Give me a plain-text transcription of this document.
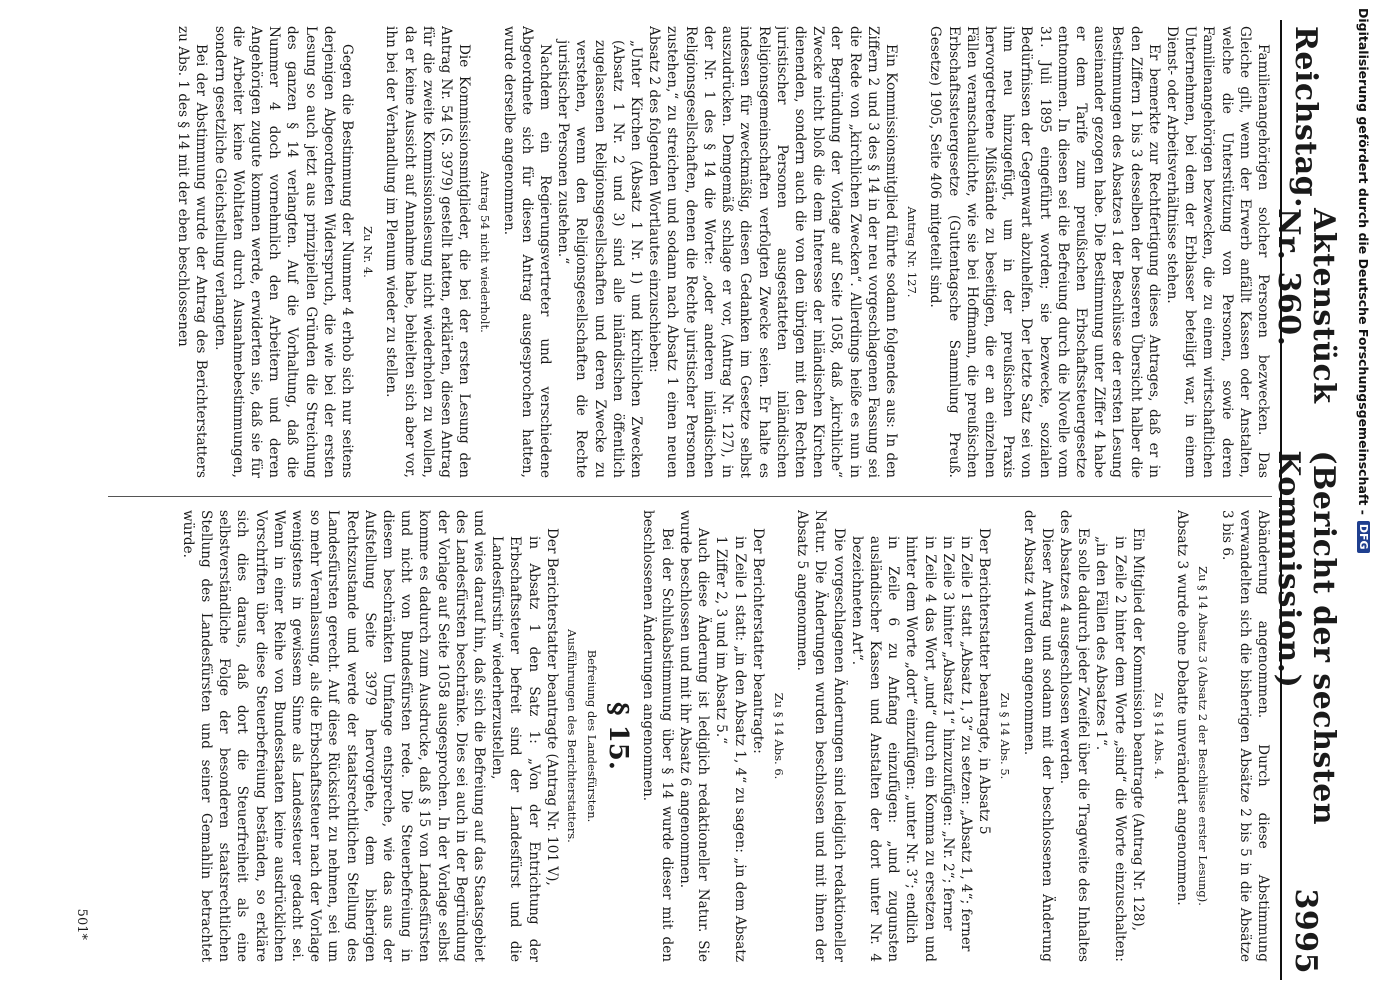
Reichstag.
Aktenstück Nr. 360.
(Bericht der sechsten Kommission.)
3995

Familienangehörigen solcher Personen bezwecken. Das Gleiche gilt, wenn der Erwerb anfällt Kassen oder Anstalten, welche die Unterstützung von Personen, sowie deren Familienangehörigen bezwecken, die zu einem wirtschaftlichen Unternehmen, bei dem der Erblasser beteiligt war, in einem Dienst- oder Arbeitsverhältnisse stehen.

Er bemerkte zur Rechtfertigung dieses Antrages, daß er in den Ziffern 1 bis 3 desselben der besseren Übersicht halber die Bestimmungen des Absatzes 1 der Beschlüsse der ersten Lesung auseinander gezogen habe. Die Bestimmung unter Ziffer 4 habe er dem Tarife zum preußischen Erbschaftssteuergesetze entnommen. In diesen sei die Befreiung durch die Novelle vom 31. Juli 1895 eingeführt worden; sie bezwecke, sozialen Bedürfnissen der Gegenwart abzuhelfen. Der letzte Satz sei von ihm neu hinzugefügt, um in der preußischen Praxis hervorgetretene Mißstände zu beseitigen, die er an einzelnen Fällen veranschaulichte, wie sie bei Hoffmann, die preußischen Erbschaftssteuergesetze (Guttentagsche Sammlung Preuß. Gesetze) 1905, Seite 406 mitgeteilt sind.

Antrag Nr. 127.

Ein Kommissionsmitglied führte sodann folgendes aus: In den Ziffern 2 und 3 des § 14 in der neu vorgeschlagenen Fassung sei die Rede von „kirchlichen Zwecken“. Allerdings heiße es nun in der Begründung der Vorlage auf Seite 1058, daß „kirchliche“ Zwecke nicht bloß die dem Interesse der inländischen Kirchen dienenden, sondern auch die von den übrigen mit den Rechten juristischer Personen ausgestatteten inländischen Religionsgemeinschaften verfolgten Zwecke seien. Er halte es indessen für zweckmäßig, diesen Gedanken im Gesetze selbst auszudrücken. Demgemäß schlage er vor, (Antrag Nr. 127), in der Nr. 1 des § 14 die Worte: „oder anderen inländischen Religionsgesellschaften, denen die Rechte juristischer Personen zustehen,“ zu streichen und sodann nach Absatz 1 einen neuen Absatz 2 des folgenden Wortlautes einzuschieben:

„Unter Kirchen (Absatz 1 Nr. 1) und kirchlichen Zwecken (Absatz 1 Nr. 2 und 3) sind alle inländischen öffentlich zugelassenen Religionsgesellschaften und deren Zwecke zu verstehen, wenn den Religionsgesellschaften die Rechte juristischer Personen zustehen.“

Nachdem ein Regierungsvertreter und verschiedene Abgeordnete sich für diesen Antrag ausgesprochen hatten, wurde derselbe angenommen.

Antrag 54 nicht wiederholt.

Die Kommissionsmitglieder, die bei der ersten Lesung den Antrag Nr. 54 (S. 3979) gestellt hatten, erklärten, diesen Antrag für die zweite Kommissionslesung nicht wiederholen zu wollen, da er keine Aussicht auf Annahme habe, behielten sich aber vor, ihn bei der Verhandlung im Plenum wieder zu stellen.

Zu Nr. 4.

Gegen die Bestimmung der Nummer 4 erhob sich nur seitens derjenigen Abgeordneten Widerspruch, die wie bei der ersten Lesung so auch jetzt aus prinzipiellen Gründen die Streichung des ganzen § 14 verlangten. Auf die Vorhaltung, daß die Nummer 4 doch vornehmlich den Arbeitern und deren Angehörigen zugute kommen werde, erwiderten sie, daß sie für die Arbeiter keine Wohltaten durch Ausnahmebestimmungen, sondern gesetzliche Gleichstellung verlangten.

Bei der Abstimmung wurde der Antrag des Berichterstatters zu Abs. 1 des § 14 mit der eben beschlossenen

Abänderung angenommen. Durch diese Abstimmung verwandelten sich die bisherigen Absätze 2 bis 5 in die Absätze 3 bis 6.

Zu § 14 Absatz 3 (Absatz 2 der Beschlüsse erster Lesung).

Absatz 3 wurde ohne Debatte unverändert angenommen.

Zu § 14 Abs. 4.

Ein Mitglied der Kommission beantragte (Antrag Nr. 128),

in Zeile 2 hinter dem Worte „sind“ die Worte einzuschalten: „in den Fällen des Absatzes 1“.

Es solle dadurch jeder Zweifel über die Tragweite des Inhaltes des Absatzes 4 ausgeschlossen werden.

Dieser Antrag und sodann mit der beschlossenen Änderung der Absatz 4 wurden angenommen.

Zu § 14 Abs. 5.

Der Berichterstatter beantragte, in Absatz 5

in Zeile 1 statt „Absatz 1, 3“ zu setzen: „Absatz 1, 4“; ferner

in Zeile 3 hinter „Absatz 1“ hinzuzufügen: „Nr. 2“; ferner

in Zeile 4 das Wort „und“ durch ein Komma zu ersetzen und hinter dem Worte „dort“ einzufügen: „unter Nr. 3“; endlich

in Zeile 6 zu Anfang einzufügen: „und zugunsten ausländischer Kassen und Anstalten der dort unter Nr. 4 bezeichneten Art“.

Die vorgeschlagenen Änderungen sind lediglich redaktioneller Natur. Die Änderungen wurden beschlossen und mit ihnen der Absatz 5 angenommen.

Zu § 14 Abs. 6.

Der Berichterstatter beantragte:

in Zeile 1 statt: „in den Absatz 1, 4“ zu sagen: „in dem Absatz 1 Ziffer 2, 3 und im Absatz 5.“

Auch diese Änderung ist lediglich redaktioneller Natur. Sie wurde beschlossen und mit ihr Absatz 6 angenommen.

Bei der Schlußabstimmung über § 14 wurde dieser mit den beschlossenen Änderungen angenommen.

§ 15.

Befreiung des Landesfürsten.

Ausführungen des Berichterstatters.

Der Berichterstatter beantragte (Antrag Nr. 101 V),

in Absatz 1 den Satz 1: „Von der Entrichtung der Erbschaftssteuer befreit sind der Landesfürst und die Landesfürstin“ wiederherzustellen,

und wies darauf hin, daß sich die Befreiung auf das Staatsgebiet des Landesfürsten beschränke. Dies sei auch in der Begründung der Vorlage auf Seite 1058 ausgesprochen. In der Vorlage selbst komme es dadurch zum Ausdrucke, daß § 15 von Landesfürsten und nicht von Bundesfürsten rede. Die Steuerbefreiung in diesem beschränkten Umfange entspreche, wie das aus der Aufstellung Seite 3979 hervorgehe, dem bisherigen Rechtszustande und werde der staatsrechtlichen Stellung des Landesfürsten gerecht. Auf diese Rücksicht zu nehmen, sei um so mehr Veranlassung, als die Erbschaftssteuer nach der Vorlage wenigstens in gewissem Sinne als Landessteuer gedacht sei. Wenn in einer Reihe von Bundesstaaten keine ausdrücklichen Vorschriften über diese Steuerbefreiung beständen, so erkläre sich dies daraus, daß dort die Steuerfreiheit als eine selbstverständliche Folge der besonderen staatsrechtlichen Stellung des Landesfürsten und seiner Gemahlin betrachtet würde.

501*
Digitalisierung gefördert durch die Deutsche Forschungsgemeinschaft -
DFG
